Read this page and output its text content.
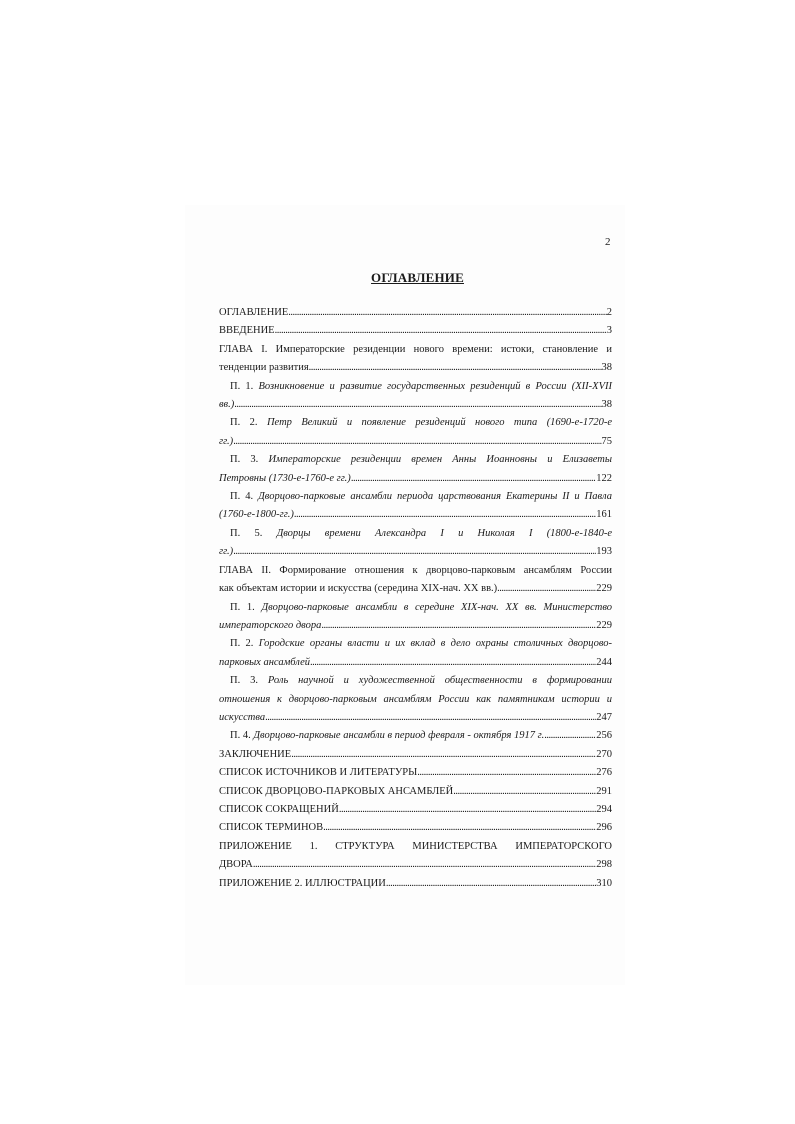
2
ОГЛАВЛЕНИЕ
ОГЛАВЛЕНИЕ .....	2
ВВЕДЕНИЕ .....	3
ГЛАВА I. Императорские резиденции нового времени: истоки, становление и
тенденции развития .....	38
П. 1. Возникновение и развитие государственных резиденций в России (XII-XVII
вв.) .....	38
П. 2. Петр Великий и появление резиденций нового типа (1690-е-1720-е
гг.) .....	75
П. 3. Императорские резиденции времен Анны Иоанновны и Елизаветы
Петровны (1730-е-1760-е гг.) .....	122
П. 4. Дворцово-парковые ансамбли периода царствования Екатерины II и Павла
(1760-е-1800-гг.) .....	161
П. 5. Дворцы времени Александра I и Николая I (1800-е-1840-е
гг.) .....	193
ГЛАВА II. Формирование отношения к дворцово-парковым ансамблям России
как объектам истории и искусства (середина XIX-нач. XX вв.) .....	229
П. 1. Дворцово-парковые ансамбли в середине XIX-нач. XX вв. Министерство
императорского двора .....	229
П. 2. Городские органы власти и их вклад в дело охраны столичных дворцово-
парковых ансамблей .....	244
П. 3. Роль научной и художественной общественности в формировании
отношения к дворцово-парковым ансамблям России как памятникам истории и
искусства .....	247
П. 4. Дворцово-парковые ансамбли в период февраля - октября 1917 г. .....	256
ЗАКЛЮЧЕНИЕ .....	270
СПИСОК ИСТОЧНИКОВ И ЛИТЕРАТУРЫ .....	276
СПИСОК ДВОРЦОВО-ПАРКОВЫХ АНСАМБЛЕЙ .....	291
СПИСОК СОКРАЩЕНИЙ .....	294
СПИСОК ТЕРМИНОВ .....	296
ПРИЛОЖЕНИЕ 1. СТРУКТУРА МИНИСТЕРСТВА ИМПЕРАТОРСКОГО
ДВОРА .....	298
ПРИЛОЖЕНИЕ 2. ИЛЛЮСТРАЦИИ .....	310
